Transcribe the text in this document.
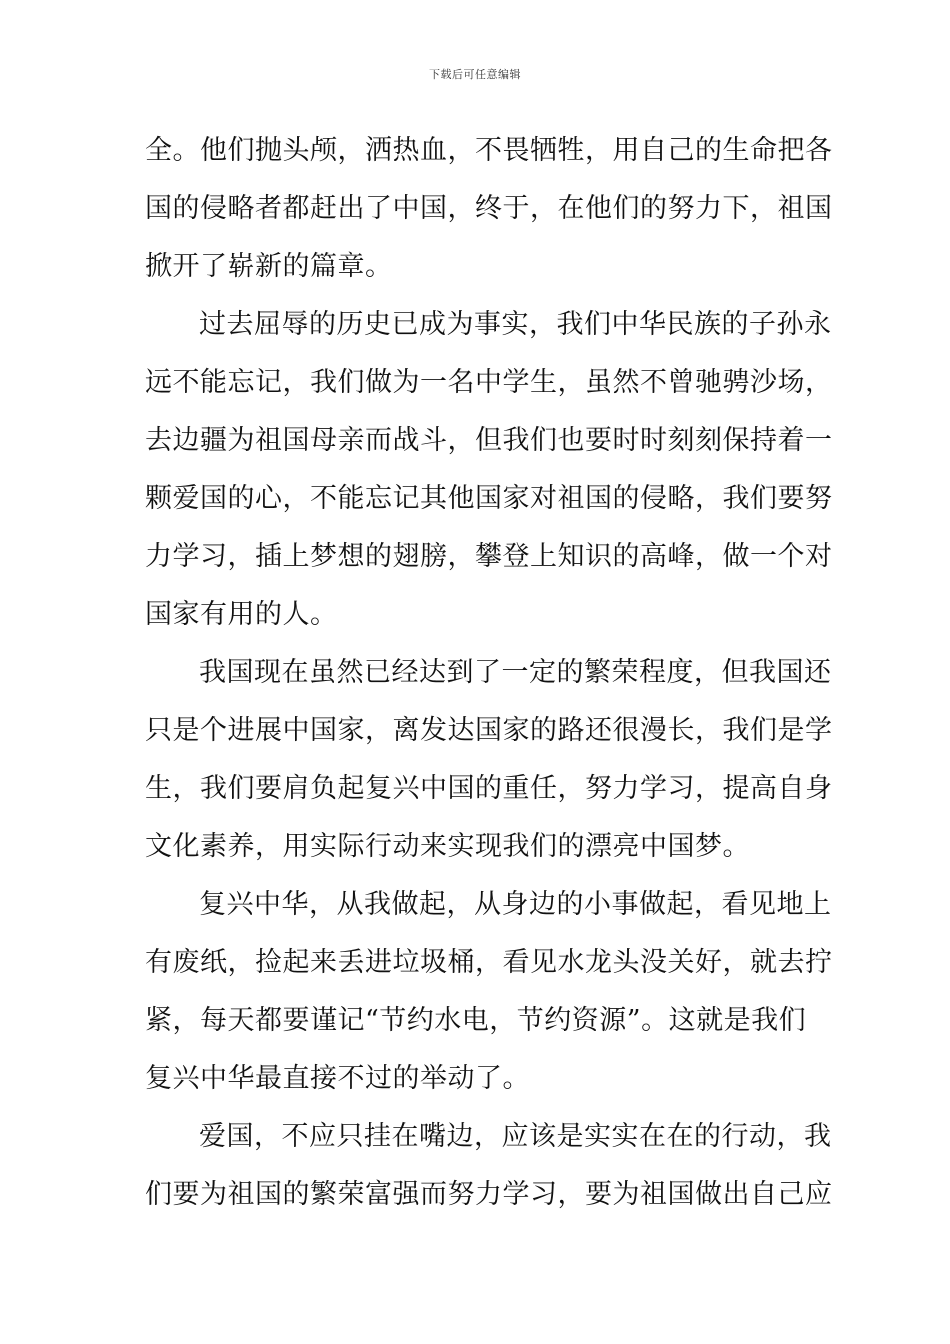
下载后可任意编辑
全。他们抛头颅，洒热血，不畏牺牲，用自己的生命把各
国的侵略者都赶出了中国，终于，在他们的努力下，祖国
掀开了崭新的篇章。
过去屈辱的历史已成为事实，我们中华民族的子孙永
远不能忘记，我们做为一名中学生，虽然不曾驰骋沙场，
去边疆为祖国母亲而战斗，但我们也要时时刻刻保持着一
颗爱国的心，不能忘记其他国家对祖国的侵略，我们要努
力学习，插上梦想的翅膀，攀登上知识的高峰，做一个对
国家有用的人。
我国现在虽然已经达到了一定的繁荣程度，但我国还
只是个进展中国家，离发达国家的路还很漫长，我们是学
生，我们要肩负起复兴中国的重任，努力学习，提高自身
文化素养，用实际行动来实现我们的漂亮中国梦。
复兴中华，从我做起，从身边的小事做起，看见地上
有废纸，捡起来丢进垃圾桶，看见水龙头没关好，就去拧
紧，每天都要谨记“节约水电，节约资源”。这就是我们
复兴中华最直接不过的举动了。
爱国，不应只挂在嘴边，应该是实实在在的行动，我
们要为祖国的繁荣富强而努力学习，要为祖国做出自己应
